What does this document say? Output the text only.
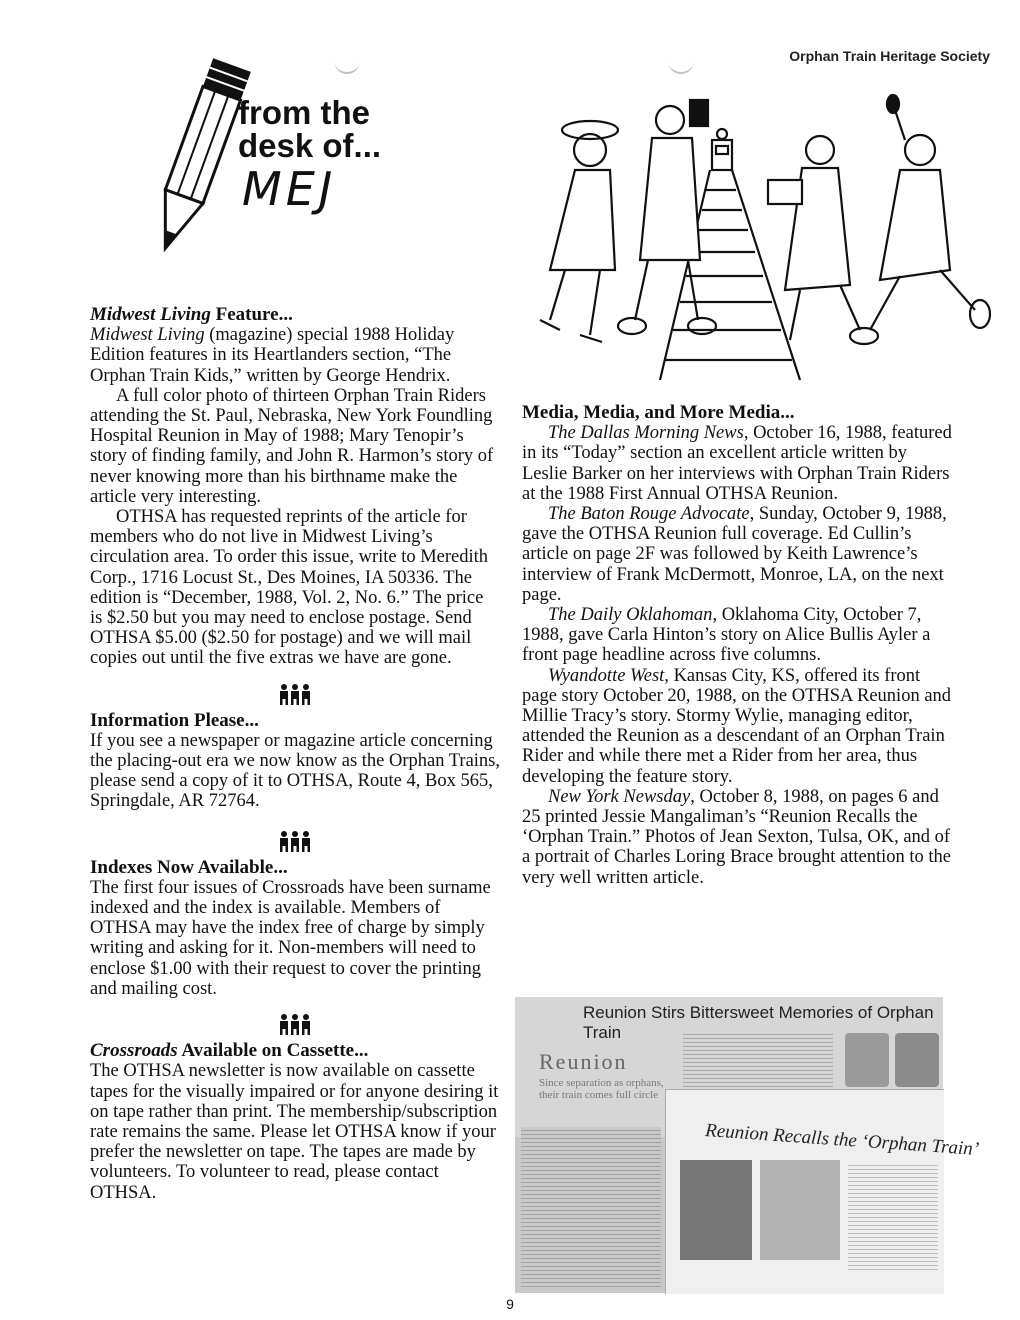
Orphan Train Heritage Society
from the
desk of...
MEJ
Midwest Living Feature...

Midwest Living (magazine) special 1988 Holiday Edition features in its Heartlanders section, “The Orphan Train Kids,” written by George Hendrix.

A full color photo of thirteen Orphan Train Riders attending the St. Paul, Nebraska, New York Foundling Hospital Reunion in May of 1988; Mary Tenopir’s story of finding family, and John R. Harmon’s story of never knowing more than his birthname make the article very interesting.

OTHSA has requested reprints of the article for members who do not live in Midwest Living’s circulation area. To order this issue, write to Meredith Corp., 1716 Locust St., Des Moines, IA 50336. The edition is “December, 1988, Vol. 2, No. 6.” The price is $2.50 but you may need to enclose postage. Send OTHSA $5.00 ($2.50 for postage) and we will mail copies out until the five extras we have are gone.

Information Please...

If you see a newspaper or magazine article concerning the placing-out era we now know as the Orphan Trains, please send a copy of it to OTHSA, Route 4, Box 565, Springdale, AR 72764.

Indexes Now Available...

The first four issues of Crossroads have been surname indexed and the index is available. Members of OTHSA may have the index free of charge by simply writing and asking for it. Non-members will need to enclose $1.00 with their request to cover the printing and mailing cost.

Crossroads Available on Cassette...

The OTHSA newsletter is now available on cassette tapes for the visually impaired or for anyone desiring it on tape rather than print. The membership/subscription rate remains the same. Please let OTHSA know if your prefer the newsletter on tape. The tapes are made by volunteers. To volunteer to read, please contact OTHSA.

Media, Media, and More Media...

The Dallas Morning News, October 16, 1988, featured in its “Today” section an excellent article written by Leslie Barker on her interviews with Orphan Train Riders at the 1988 First Annual OTHSA Reunion.

The Baton Rouge Advocate, Sunday, October 9, 1988, gave the OTHSA Reunion full coverage. Ed Cullin’s article on page 2F was followed by Keith Lawrence’s interview of Frank McDermott, Monroe, LA, on the next page.

The Daily Oklahoman, Oklahoma City, October 7, 1988, gave Carla Hinton’s story on Alice Bullis Ayler a front page headline across five columns.

Wyandotte West, Kansas City, KS, offered its front page story October 20, 1988, on the OTHSA Reunion and Millie Tracy’s story. Stormy Wylie, managing editor, attended the Reunion as a descendant of an Orphan Train Rider and while there met a Rider from her area, thus developing the feature story.

New York Newsday, October 8, 1988, on pages 6 and 25 printed Jessie Mangaliman’s “Reunion Recalls the ‘Orphan Train.” Photos of Jean Sexton, Tulsa, OK, and of a portrait of Charles Loring Brace brought attention to the very well written article.

Reunion Stirs Bittersweet Memories of Orphan Train
Reunion
Since separation as orphans, their train comes full circle
Reunion Recalls the ‘Orphan Train’
9
